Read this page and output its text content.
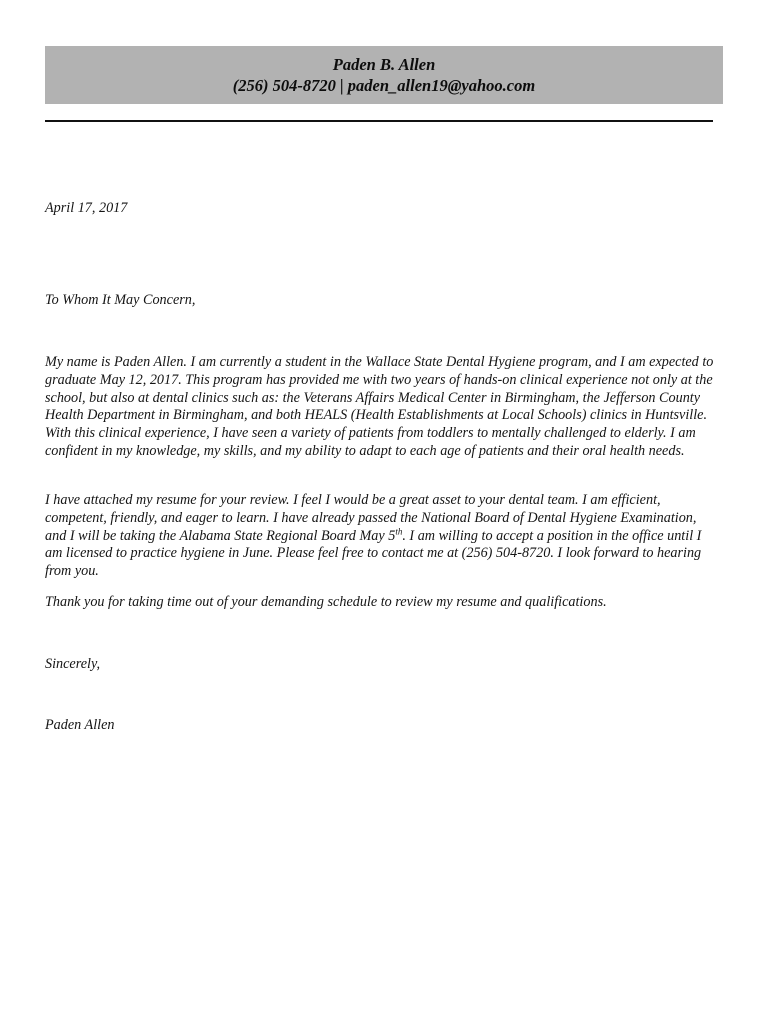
Paden B. Allen
(256) 504-8720 | paden_allen19@yahoo.com

April 17, 2017

To Whom It May Concern,

My name is Paden Allen. I am currently a student in the Wallace State Dental Hygiene program, and I am expected to graduate May 12, 2017. This program has provided me with two years of hands-on clinical experience not only at the school, but also at dental clinics such as: the Veterans Affairs Medical Center in Birmingham, the Jefferson County Health Department in Birmingham, and both HEALS (Health Establishments at Local Schools) clinics in Huntsville. With this clinical experience, I have seen a variety of patients from toddlers to mentally challenged to elderly. I am confident in my knowledge, my skills, and my ability to adapt to each age of patients and their oral health needs.

I have attached my resume for your review. I feel I would be a great asset to your dental team. I am efficient, competent, friendly, and eager to learn. I have already passed the National Board of Dental Hygiene Examination, and I will be taking the Alabama State Regional Board May 5th. I am willing to accept a position in the office until I am licensed to practice hygiene in June. Please feel free to contact me at (256) 504-8720. I look forward to hearing from you.

Thank you for taking time out of your demanding schedule to review my resume and qualifications.

Sincerely,

Paden Allen
